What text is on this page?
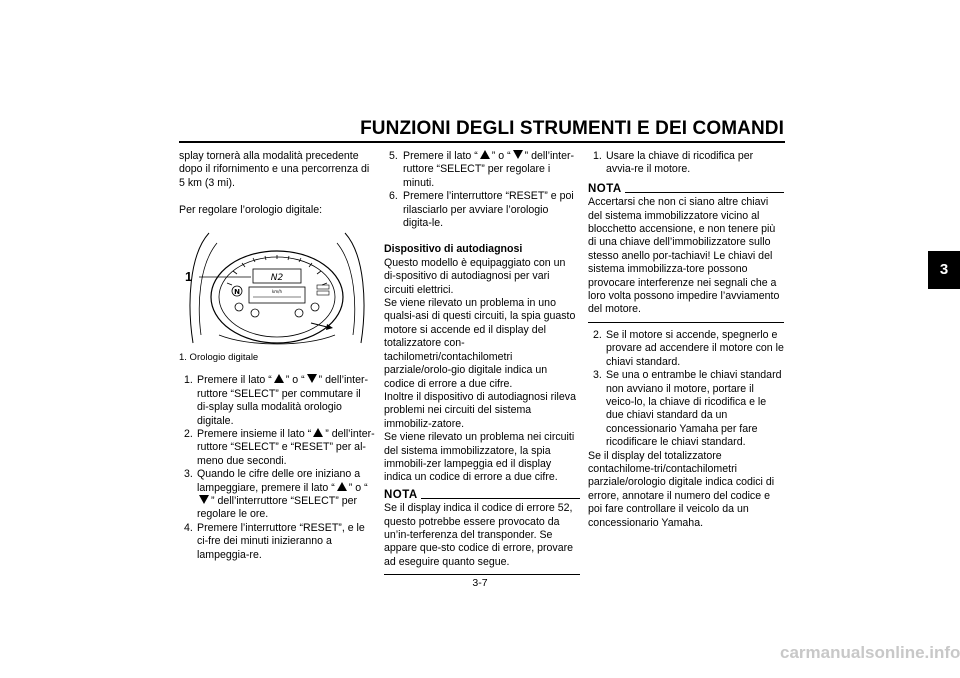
FUNZIONI DEGLI STRUMENTI E DEI COMANDI
3

splay tornerà alla modalità precedente dopo il rifornimento e una percorrenza di 5 km (3 mi).

Per regolare l’orologio digitale:

N2
km/h
N
1

1. Orologio digitale

1. Premere il lato “ ” o “ ” dell’inter-ruttore “SELECT” per commutare il di-splay sulla modalità orologio digitale.
2. Premere insieme il lato “ ” dell’inter-ruttore “SELECT” e “RESET” per al-meno due secondi.
3. Quando le cifre delle ore iniziano a lampeggiare, premere il lato “ ” o “” dell’interruttore “SELECT” per regolare le ore.
4. Premere l’interruttore “RESET”, e le ci-fre dei minuti inizieranno a lampeggia-re.
5. Premere il lato “ ” o “ ” dell’inter-ruttore “SELECT” per regolare i minuti.
6. Premere l’interruttore “RESET” e poi rilasciarlo per avviare l’orologio digita-le.

Dispositivo di autodiagnosi

Questo modello è equipaggiato con un di-spositivo di autodiagnosi per vari circuiti elettrici.

Se viene rilevato un problema in uno qualsi-asi di questi circuiti, la spia guasto motore si accende ed il display del totalizzatore con-tachilometri/contachilometri parziale/orolo-gio digitale indica un codice di errore a due cifre.

Inoltre il dispositivo di autodiagnosi rileva problemi nei circuiti del sistema immobiliz-zatore.

Se viene rilevato un problema nei circuiti del sistema immobilizzatore, la spia immobili-zer lampeggia ed il display indica un codice di errore a due cifre.

NOTA

Se il display indica il codice di errore 52, questo potrebbe essere provocato da un’in-terferenza del transponder. Se appare que-sto codice di errore, provare ad eseguire quanto segue.

1. Usare la chiave di ricodifica per avvia-re il motore.
NOTA

Accertarsi che non ci siano altre chiavi del sistema immobilizzatore vicino al blocchetto accensione, e non tenere più di una chiave dell’immobilizzatore sullo stesso anello por-tachiavi! Le chiavi del sistema immobilizza-tore possono provocare interferenze nei segnali che a loro volta possono impedire l’avviamento del motore.

2. Se il motore si accende, spegnerlo e provare ad accendere il motore con le chiavi standard.
3. Se una o entrambe le chiavi standard non avviano il motore, portare il veico-lo, la chiave di ricodifica e le due chiavi standard da un concessionario Yamaha per fare ricodificare le chiavi standard.

Se il display del totalizzatore contachilome-tri/contachilometri parziale/orologio digitale indica codici di errore, annotare il numero del codice e poi fare controllare il veicolo da un concessionario Yamaha.

3-7
carmanualsonline.info
